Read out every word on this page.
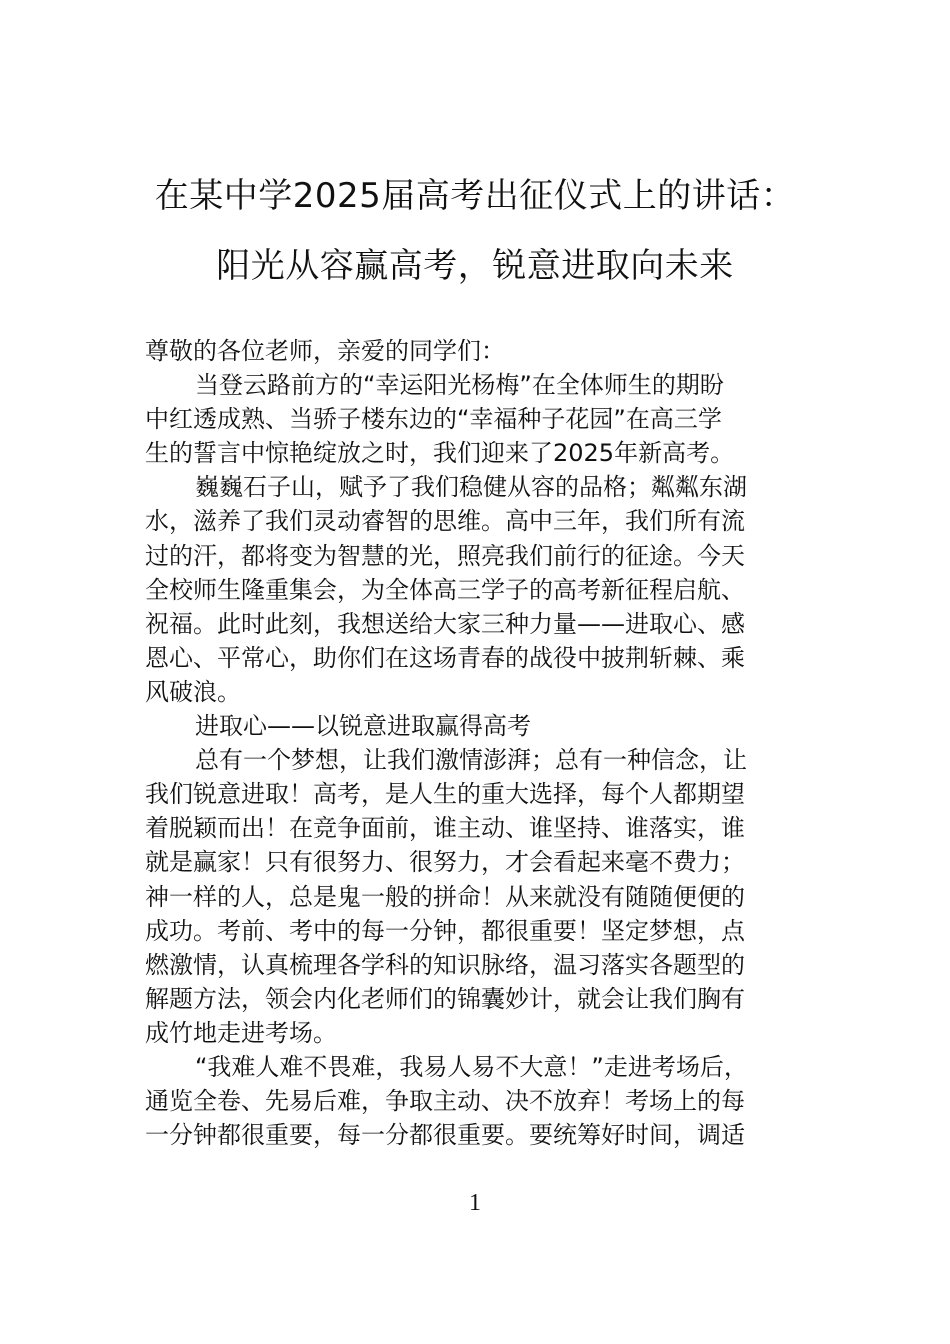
在某中学2025届高考出征仪式上的讲话：
阳光从容赢高考，锐意进取向未来
尊敬的各位老师，亲爱的同学们：
当登云路前方的“幸运阳光杨梅”在全体师生的期盼
中红透成熟、当骄子楼东边的“幸福种子花园”在高三学
生的誓言中惊艳绽放之时，我们迎来了2025年新高考。
巍巍石子山，赋予了我们稳健从容的品格；粼粼东湖
水，滋养了我们灵动睿智的思维。高中三年，我们所有流
过的汗，都将变为智慧的光，照亮我们前行的征途。今天
全校师生隆重集会，为全体高三学子的高考新征程启航、
祝福。此时此刻，我想送给大家三种力量——进取心、感
恩心、平常心，助你们在这场青春的战役中披荆斩棘、乘
风破浪。
进取心——以锐意进取赢得高考
总有一个梦想，让我们激情澎湃；总有一种信念，让
我们锐意进取！高考，是人生的重大选择，每个人都期望
着脱颖而出！在竞争面前，谁主动、谁坚持、谁落实，谁
就是赢家！只有很努力、很努力，才会看起来毫不费力；
神一样的人，总是鬼一般的拼命！从来就没有随随便便的
成功。考前、考中的每一分钟，都很重要！坚定梦想，点
燃激情，认真梳理各学科的知识脉络，温习落实各题型的
解题方法，领会内化老师们的锦囊妙计，就会让我们胸有
成竹地走进考场。
“我难人难不畏难，我易人易不大意！”走进考场后，
通览全卷、先易后难，争取主动、决不放弃！考场上的每
一分钟都很重要，每一分都很重要。要统筹好时间，调适
1
